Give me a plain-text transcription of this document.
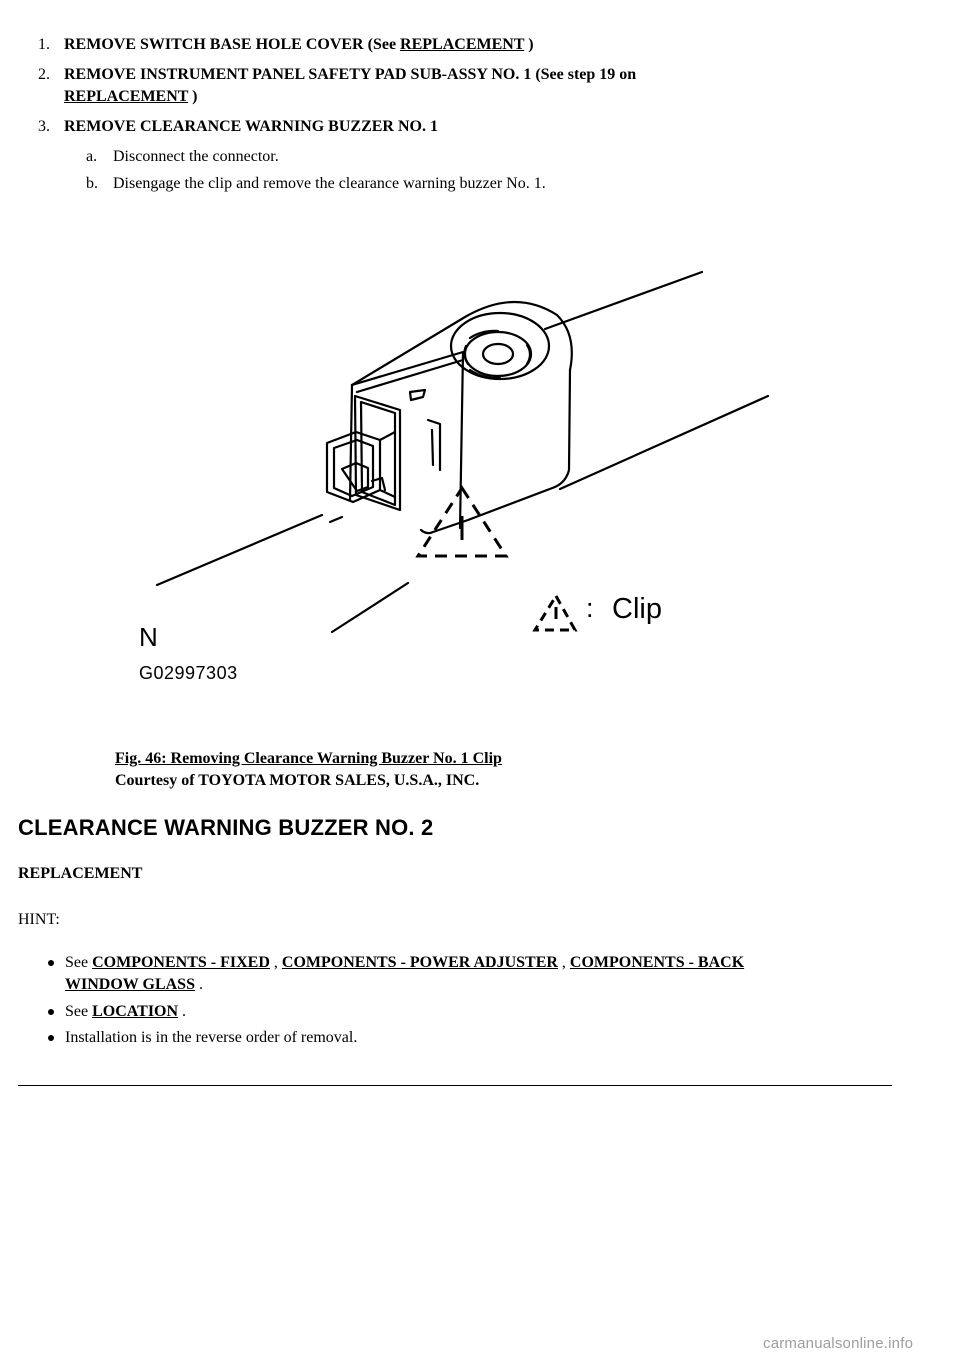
1. REMOVE SWITCH BASE HOLE COVER (See REPLACEMENT )
2. REMOVE INSTRUMENT PANEL SAFETY PAD SUB-ASSY NO. 1 (See step 19 on
REPLACEMENT )
3. REMOVE CLEARANCE WARNING BUZZER NO. 1
a. Disconnect the connector.
b. Disengage the clip and remove the clearance warning buzzer No. 1.
: Clip
N
G02997303
Fig. 46: Removing Clearance Warning Buzzer No. 1 Clip
Courtesy of TOYOTA MOTOR SALES, U.S.A., INC.
CLEARANCE WARNING BUZZER NO. 2
REPLACEMENT
HINT:
See COMPONENTS - FIXED , COMPONENTS - POWER ADJUSTER , COMPONENTS - BACK
WINDOW GLASS .
See LOCATION .
Installation is in the reverse order of removal.
carmanualsonline.info
